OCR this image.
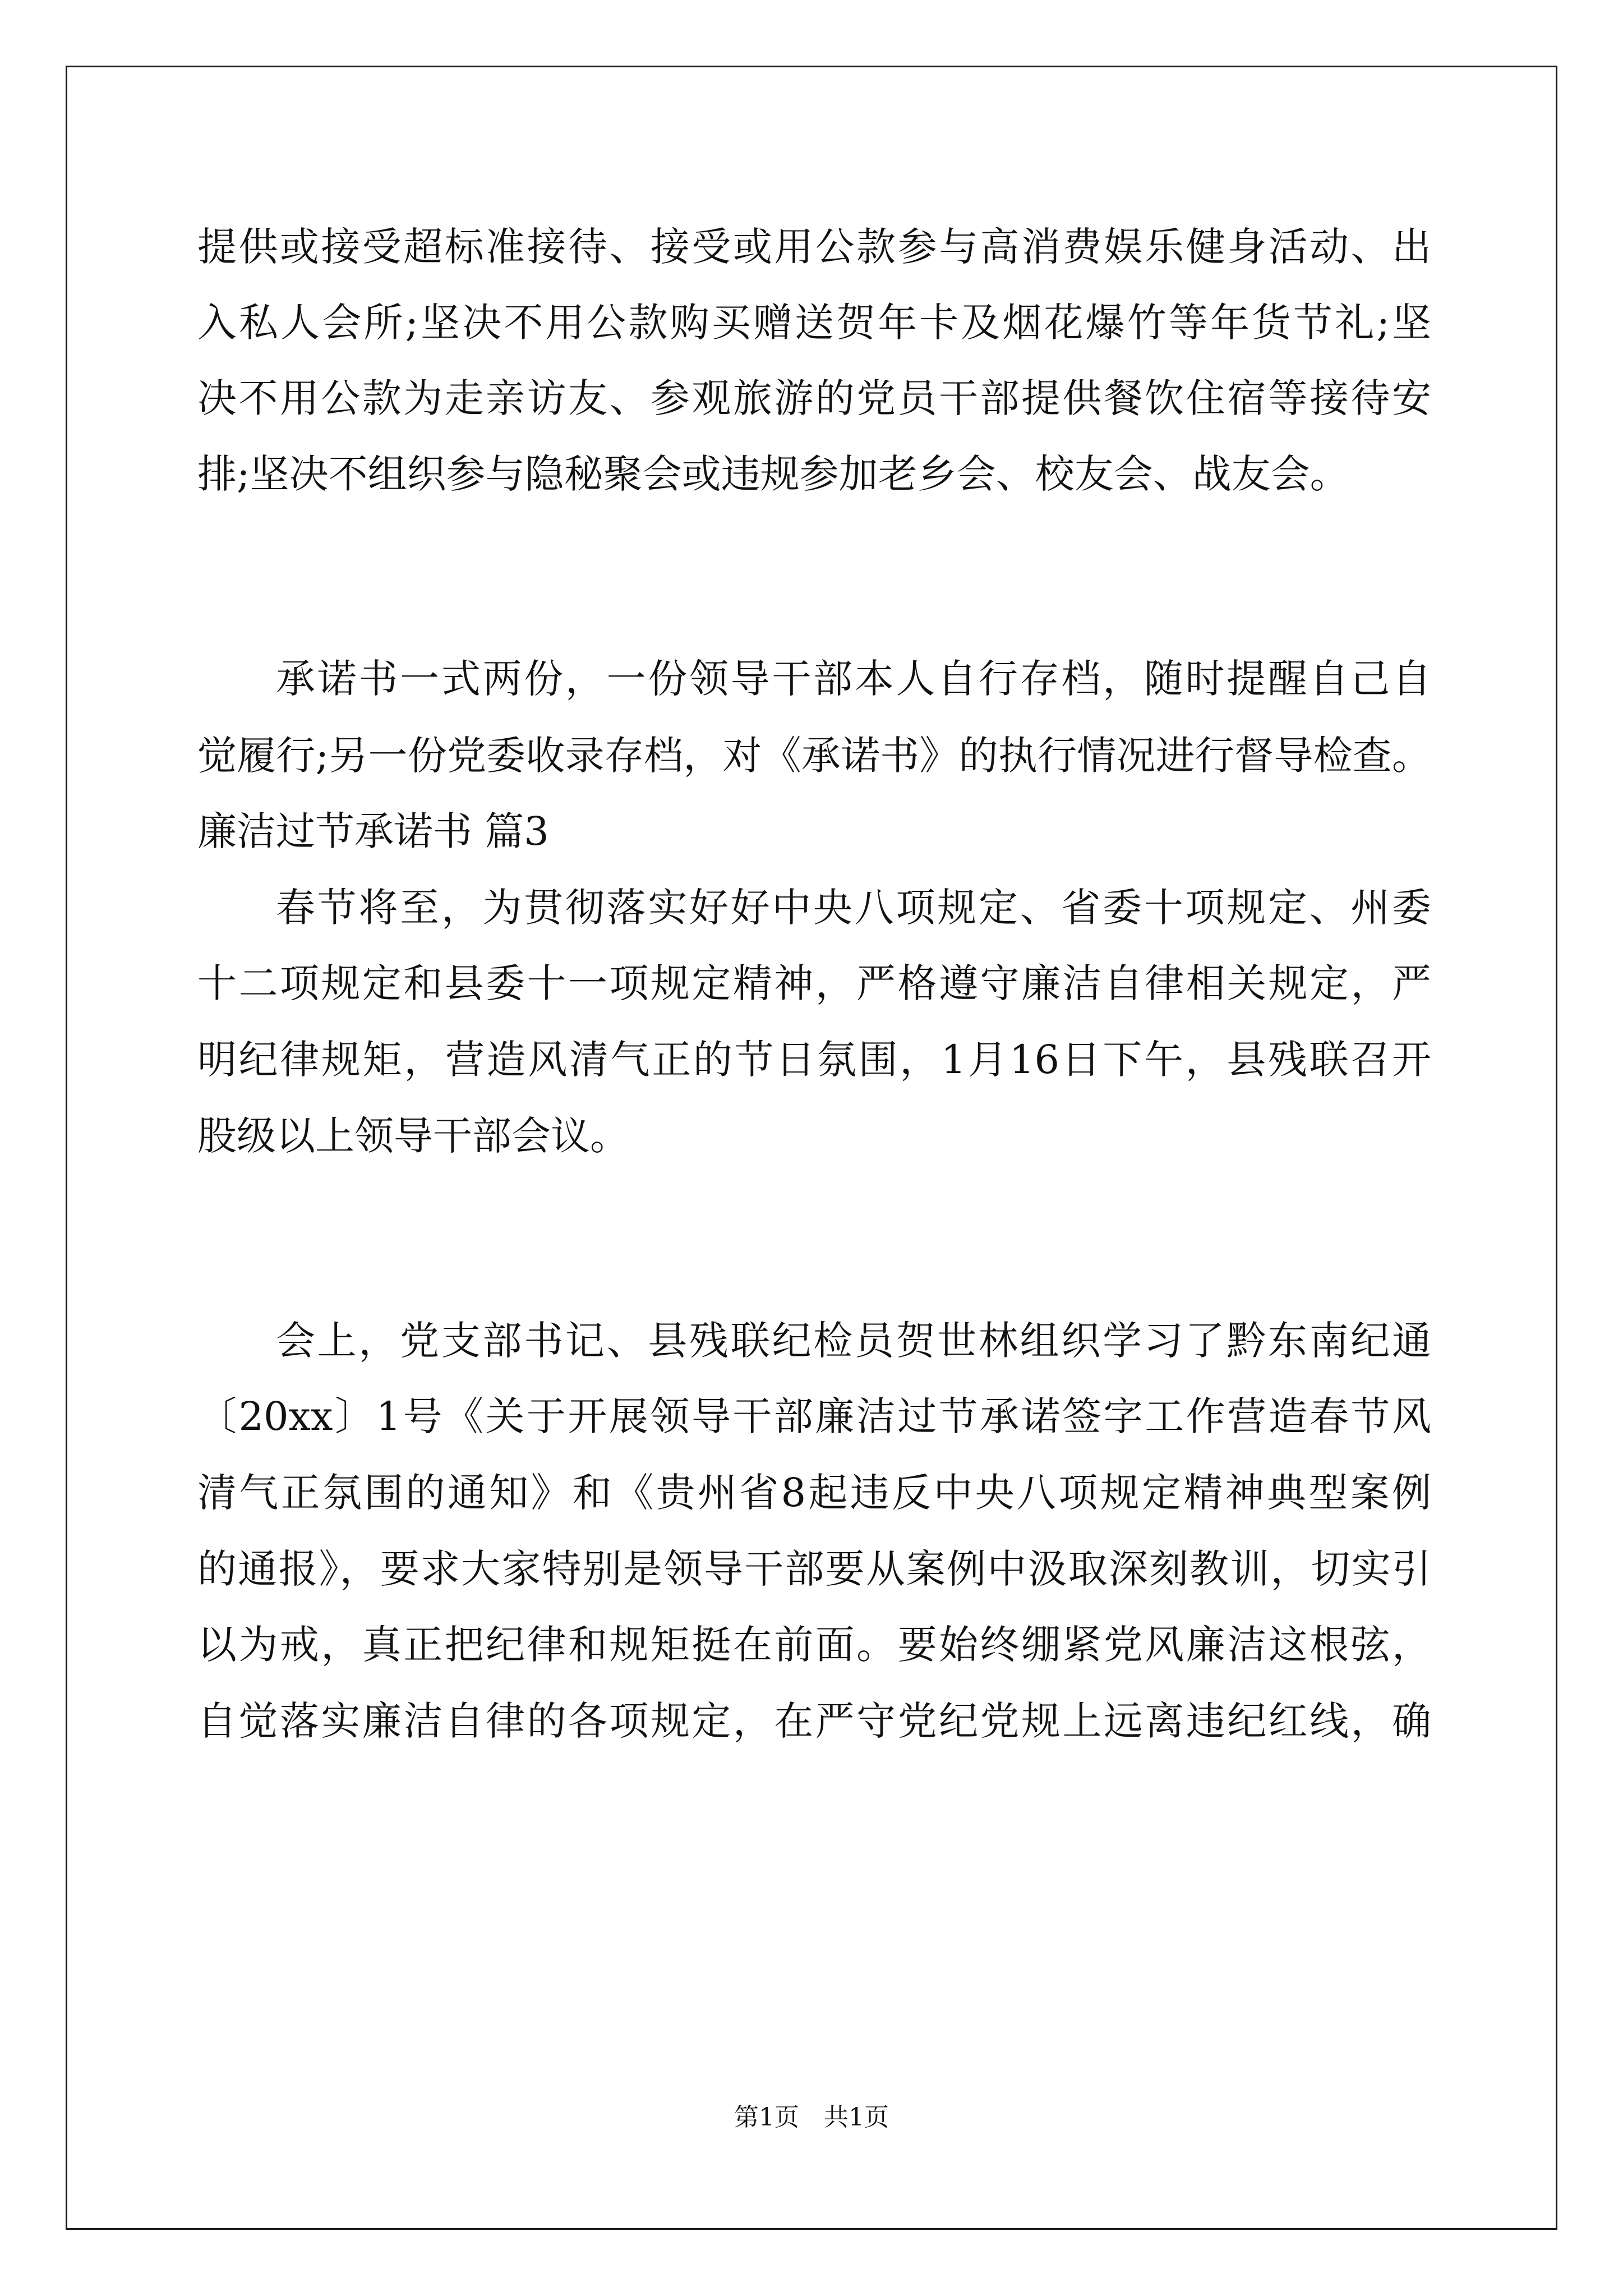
提供或接受超标准接待、接受或用公款参与高消费娱乐健身活动、出
入私人会所;坚决不用公款购买赠送贺年卡及烟花爆竹等年货节礼;坚
决不用公款为走亲访友、参观旅游的党员干部提供餐饮住宿等接待安
排;坚决不组织参与隐秘聚会或违规参加老乡会、校友会、战友会。
承诺书一式两份，一份领导干部本人自行存档，随时提醒自己自
觉履行;另一份党委收录存档，对《承诺书》的执行情况进行督导检查。
廉洁过节承诺书 篇3
春节将至，为贯彻落实好好中央八项规定、省委十项规定、州委
十二项规定和县委十一项规定精神，严格遵守廉洁自律相关规定，严
明纪律规矩，营造风清气正的节日氛围，1月16日下午，县残联召开
股级以上领导干部会议。
会上，党支部书记、县残联纪检员贺世林组织学习了黔东南纪通
〔20xx〕1号《关于开展领导干部廉洁过节承诺签字工作营造春节风
清气正氛围的通知》和《贵州省8起违反中央八项规定精神典型案例
的通报》，要求大家特别是领导干部要从案例中汲取深刻教训，切实引
以为戒，真正把纪律和规矩挺在前面。要始终绷紧党风廉洁这根弦，
自觉落实廉洁自律的各项规定，在严守党纪党规上远离违纪红线，确
第1页　共1页
